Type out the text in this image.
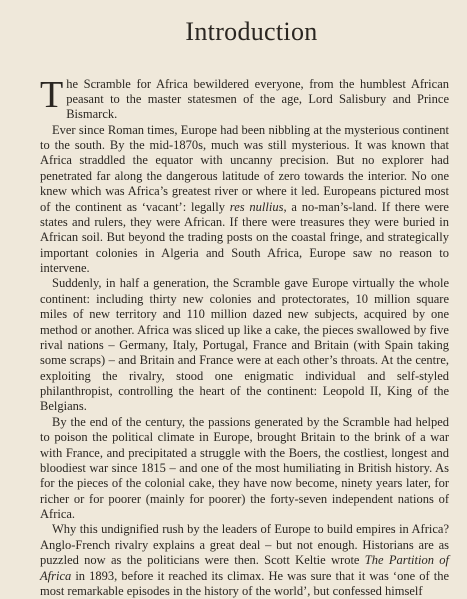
Introduction

The Scramble for Africa bewildered everyone, from the humblest African peasant to the master statesmen of the age, Lord Salisbury and Prince Bismarck.

Ever since Roman times, Europe had been nibbling at the mysterious continent to the south. By the mid-1870s, much was still mysterious. It was known that Africa straddled the equator with uncanny precision. But no explorer had penetrated far along the dangerous latitude of zero towards the interior. No one knew which was Africa’s greatest river or where it led. Europeans pictured most of the continent as ‘vacant’: legally res nullius, a no-man’s-land. If there were states and rulers, they were African. If there were treasures they were buried in African soil. But beyond the trading posts on the coastal fringe, and strategically important colonies in Algeria and South Africa, Europe saw no reason to intervene.

Suddenly, in half a generation, the Scramble gave Europe virtually the whole continent: including thirty new colonies and protectorates, 10 million square miles of new territory and 110 million dazed new subjects, acquired by one method or another. Africa was sliced up like a cake, the pieces swallowed by five rival nations – Germany, Italy, Portugal, France and Britain (with Spain taking some scraps) – and Britain and France were at each other’s throats. At the centre, exploiting the rivalry, stood one enigmatic individual and self-styled philanthropist, controlling the heart of the continent: Leopold II, King of the Belgians.

By the end of the century, the passions generated by the Scramble had helped to poison the political climate in Europe, brought Britain to the brink of a war with France, and precipitated a struggle with the Boers, the costliest, longest and bloodiest war since 1815 – and one of the most humiliating in British history. As for the pieces of the colonial cake, they have now become, ninety years later, for richer or for poorer (mainly for poorer) the forty-seven independent nations of Africa.

Why this undignified rush by the leaders of Europe to build empires in Africa? Anglo-French rivalry explains a great deal – but not enough. Historians are as puzzled now as the politicians were then. Scott Keltie wrote The Partition of Africa in 1893, before it reached its climax. He was sure that it was ‘one of the most remarkable episodes in the history of the world’, but confessed himself
